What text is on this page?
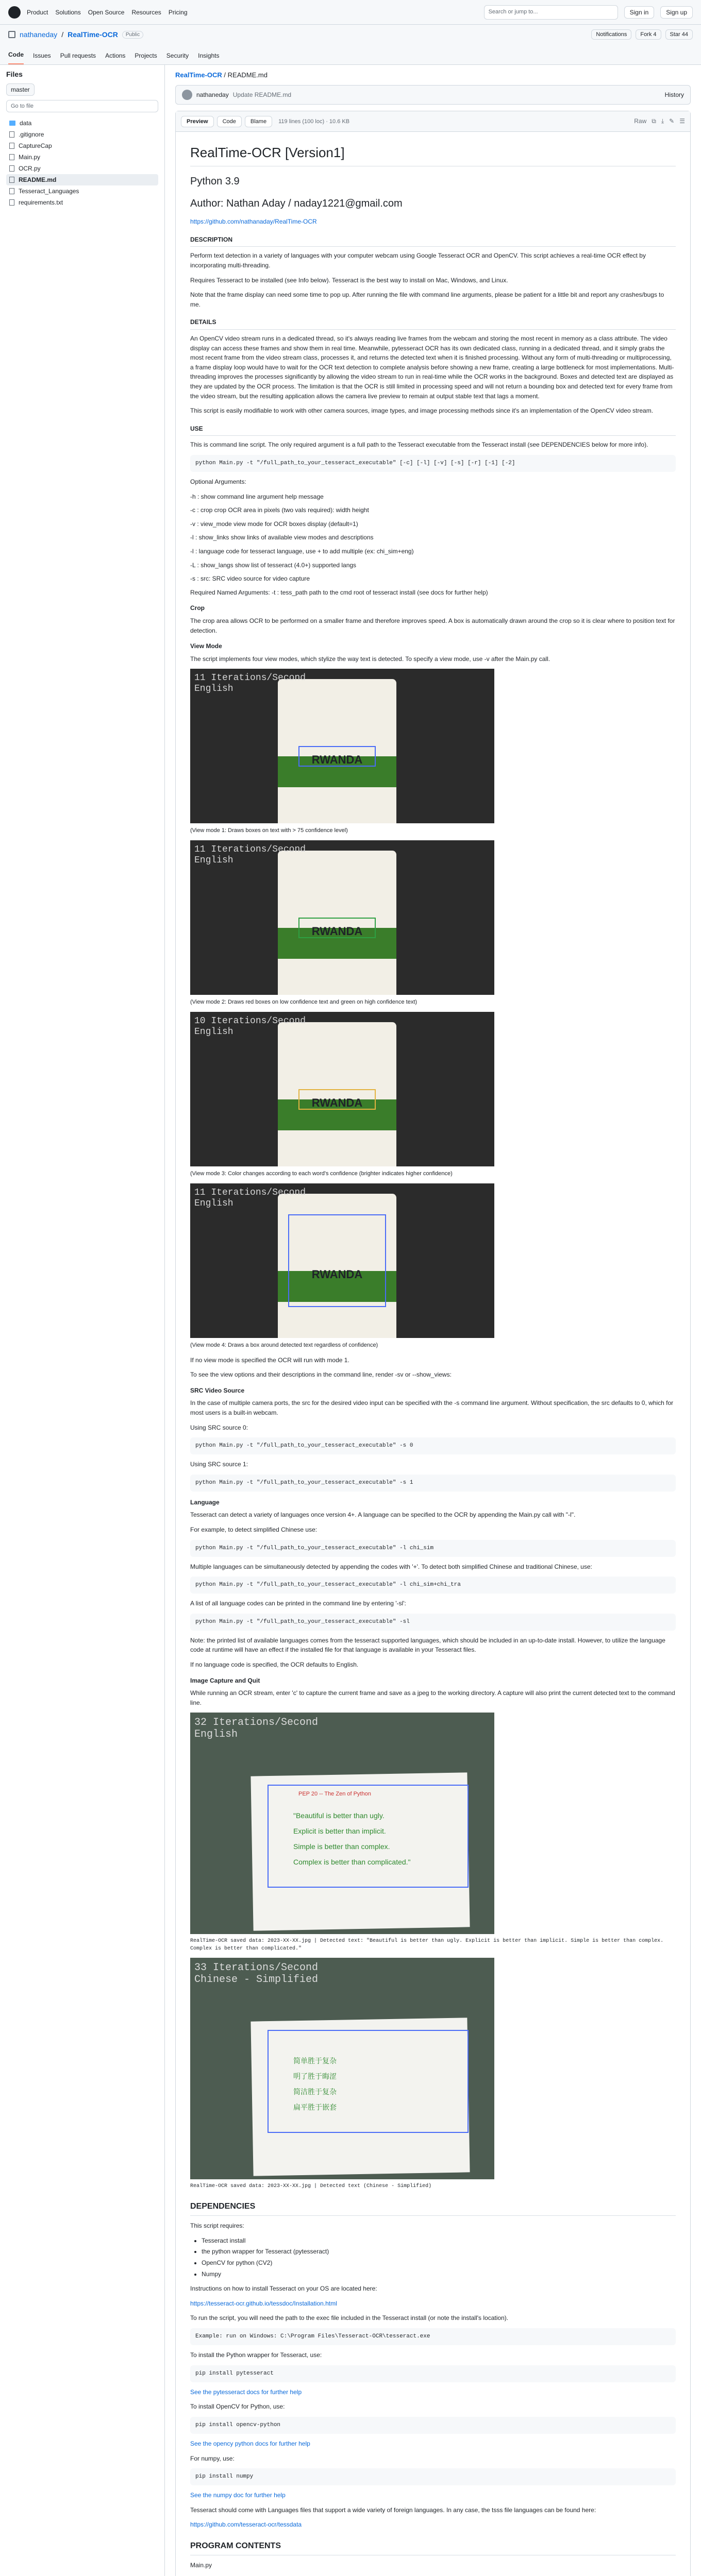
Product Solutions Open Source Resources Pricing	Search or jump to...	Sign in	Sign up
nathaneday / RealTime-OCR	Public	Notifications	Fork 4	Star 44
Code Issues Pull requests Actions Projects Security Insights
Files
master
Go to file
data
.gitignore
CaptureCap
Main.py
OCR.py
README.md
Tesseract_Languages
requirements.txt
RealTime-OCR / README.md
nathaneday Update README.md	History
Preview	Code	Blame	119 lines (100 loc) · 10.6 KB	Raw ⧉ ⤓ ✎ ☰
RealTime-OCR [Version1]
Python 3.9
Author: Nathan Aday / naday1221@gmail.com

https://github.com/nathanaday/RealTime-OCR

DESCRIPTION

Perform text detection in a variety of languages with your computer webcam using Google Tesseract OCR and OpenCV. This script achieves a real-time OCR effect by incorporating multi-threading.

Requires Tesseract to be installed (see Info below). Tesseract is the best way to install on Mac, Windows, and Linux.

Note that the frame display can need some time to pop up. After running the file with command line arguments, please be patient for a little bit and report any crashes/bugs to me.

DETAILS

An OpenCV video stream runs in a dedicated thread, so it's always reading live frames from the webcam and storing the most recent in memory as a class attribute. The video display can access these frames and show them in real time. Meanwhile, pytesseract OCR has its own dedicated class, running in a dedicated thread, and it simply grabs the most recent frame from the video stream class, processes it, and returns the detected text when it is finished processing. Without any form of multi-threading or multiprocessing, a frame display loop would have to wait for the OCR text detection to complete analysis before showing a new frame, creating a large bottleneck for most implementations. Multi-threading improves the processes significantly by allowing the video stream to run in real-time while the OCR works in the background. Boxes and detected text are displayed as they are updated by the OCR process. The limitation is that the OCR is still limited in processing speed and will not return a bounding box and detected text for every frame from the video stream, but the resulting application allows the camera live preview to remain at output stable text that lags a moment.

This script is easily modifiable to work with other camera sources, image types, and image processing methods since it's an implementation of the OpenCV video stream.

USE

This is command line script. The only required argument is a full path to the Tesseract executable from the Tesseract install (see DEPENDENCIES below for more info).

python Main.py -t "/full_path_to_your_tesseract_executable" [-c] [-l] [-v] [-s] [-r] [-1] [-2]

Optional Arguments:

-h : show command line argument help message
-c : crop crop OCR area in pixels (two vals required): width height
-v : view_mode view mode for OCR boxes display (default=1)
-l : show_links show links of available view modes and descriptions
-l : language code for tesseract language, use + to add multiple (ex: chi_sim+eng)
-L : show_langs show list of tesseract (4.0+) supported langs
-s : src: SRC video source for video capture

Required Named Arguments: -t : tess_path path to the cmd root of tesseract install (see docs for further help)

Crop

The crop area allows OCR to be performed on a smaller frame and therefore improves speed. A box is automatically drawn around the crop so it is clear where to position text for detection.

View Mode

The script implements four view modes, which stylize the way text is detected. To specify a view mode, use -v after the Main.py call.

RWANDA
11 Iterations/Second
English

(View mode 1: Draws boxes on text with > 75 confidence level)

RWANDA
11 Iterations/Second
English

(View mode 2: Draws red boxes on low confidence text and green on high confidence text)

RWANDA
10 Iterations/Second
English

(View mode 3: Color changes according to each word's confidence (brighter indicates higher confidence)

RWANDA
11 Iterations/Second
English

(View mode 4: Draws a box around detected text regardless of confidence)

If no view mode is specified the OCR will run with mode 1.

To see the view options and their descriptions in the command line, render -sv or --show_views:

SRC Video Source

In the case of multiple camera ports, the src for the desired video input can be specified with the -s command line argument. Without specification, the src defaults to 0, which for most users is a built-in webcam.

Using SRC source 0:

python Main.py -t "/full_path_to_your_tesseract_executable" -s 0

Using SRC source 1:

python Main.py -t "/full_path_to_your_tesseract_executable" -s 1
Language

Tesseract can detect a variety of languages once version 4+. A language can be specified to the OCR by appending the Main.py call with "-l".

For example, to detect simplified Chinese use:

python Main.py -t "/full_path_to_your_tesseract_executable" -l chi_sim

Multiple languages can be simultaneously detected by appending the codes with '+'. To detect both simplified Chinese and traditional Chinese, use:

python Main.py -t "/full_path_to_your_tesseract_executable" -l chi_sim+chi_tra

A list of all language codes can be printed in the command line by entering '-sl':

python Main.py -t "/full_path_to_your_tesseract_executable" -sl

Note: the printed list of available languages comes from the tesseract supported languages, which should be included in an up-to-date install. However, to utilize the language code at runtime will have an effect if the installed file for that language is available in your Tesseract files.

If no language code is specified, the OCR defaults to English.

Image Capture and Quit

While running an OCR stream, enter 'c' to capture the current frame and save as a jpeg to the working directory. A capture will also print the current detected text to the command line.

PEP 20 -- The Zen of Python
"Beautiful is better than ugly.
Explicit is better than implicit.
Simple is better than complex.
Complex is better than complicated."
32 Iterations/Second
English

RealTime-OCR saved data: 2023-XX-XX.jpg | Detected text: "Beautiful is better than ugly. Explicit is better than implicit. Simple is better than complex. Complex is better than complicated."

简单胜于复杂
明了胜于晦涩
简洁胜于复杂
扁平胜于嵌套
33 Iterations/Second
Chinese - Simplified

RealTime-OCR saved data: 2023-XX-XX.jpg | Detected text (Chinese - Simplified)

DEPENDENCIES

This script requires:

• Tesseract install
• the python wrapper for Tesseract (pytesseract)
• OpenCV for python (CV2)
• Numpy

Instructions on how to install Tesseract on your OS are located here:

https://tesseract-ocr.github.io/tessdoc/Installation.html

To run the script, you will need the path to the exec file included in the Tesseract install (or note the install's location).

Example: run on Windows: C:\Program Files\Tesseract-OCR\tesseract.exe

To install the Python wrapper for Tesseract, use:

pip install pytesseract

See the pytesseract docs for further help

To install OpenCV for Python, use:

pip install opencv-python

See the opency python docs for further help

For numpy, use:

pip install numpy

See the numpy doc for further help

Tesseract should come with Languages files that support a wide variety of foreign languages. In any case, the tsss file languages can be found here:

https://github.com/tesseract-ocr/tessdata

PROGRAM CONTENTS

Main.py

•
